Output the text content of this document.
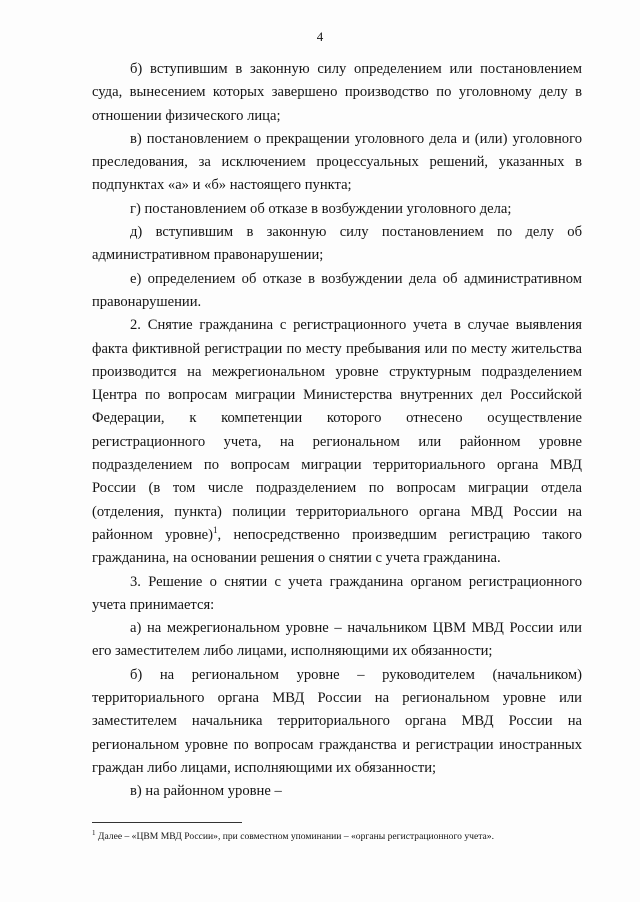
4

б) вступившим в законную силу определением или постановлением суда, вынесением которых завершено производство по уголовному делу в отношении физического лица;

в) постановлением о прекращении уголовного дела и (или) уголовного преследования, за исключением процессуальных решений, указанных в подпунктах «а» и «б» настоящего пункта;

г) постановлением об отказе в возбуждении уголовного дела;

д) вступившим в законную силу постановлением по делу об административном правонарушении;

е) определением об отказе в возбуждении дела об административном правонарушении.

2. Снятие гражданина с регистрационного учета в случае выявления факта фиктивной регистрации по месту пребывания или по месту жительства производится на межрегиональном уровне структурным подразделением Центра по вопросам миграции Министерства внутренних дел Российской Федерации, к компетенции которого отнесено осуществление регистрационного учета, на региональном или районном уровне подразделением по вопросам миграции территориального органа МВД России (в том числе подразделением по вопросам миграции отдела (отделения, пункта) полиции территориального органа МВД России на районном уровне)$^1$, непосредственно произведшим регистрацию такого гражданина, на основании решения о снятии с учета гражданина.

3. Решение о снятии с учета гражданина органом регистрационного учета принимается:

а) на межрегиональном уровне – начальником ЦВМ МВД России или его заместителем либо лицами, исполняющими их обязанности;

б) на региональном уровне – руководителем (начальником) территориального органа МВД России на региональном уровне или заместителем начальника территориального органа МВД России на региональном уровне по вопросам гражданства и регистрации иностранных граждан либо лицами, исполняющими их обязанности;

в) на районном уровне –

$^1$ Далее – «ЦВМ МВД России», при совместном упоминании – «органы регистрационного учета».
